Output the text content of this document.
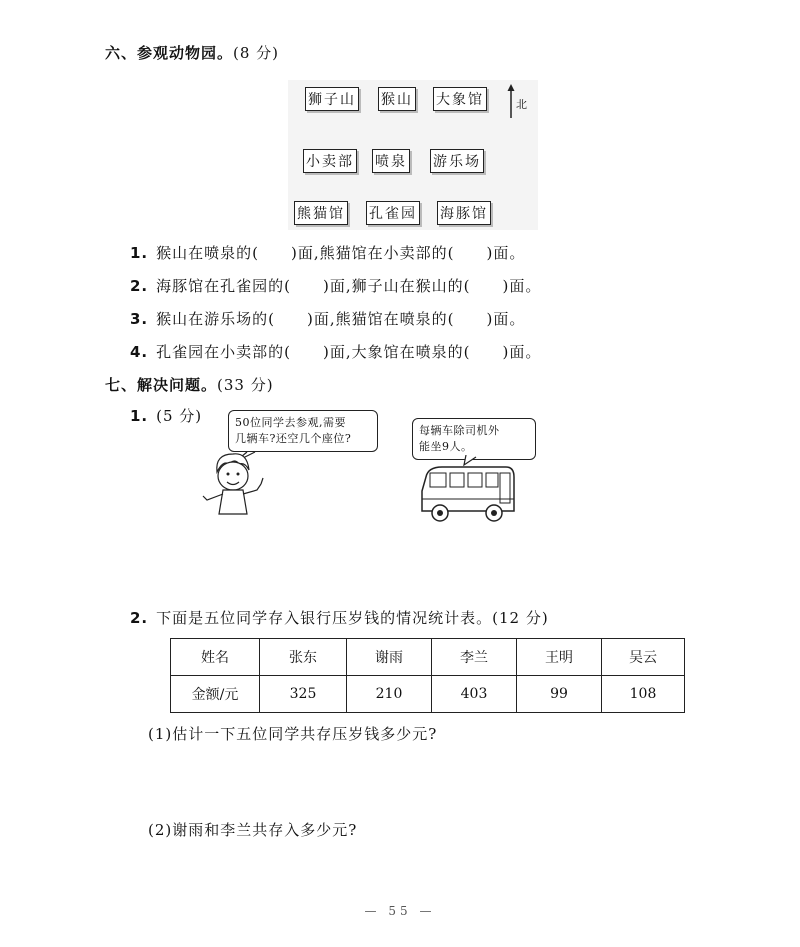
六、参观动物园。(8 分)
狮子山 猴山 大象馆	北
小卖部 喷泉 游乐场
熊猫馆 孔雀园 海豚馆
1. 猴山在喷泉的( )面,熊猫馆在小卖部的( )面。
2. 海豚馆在孔雀园的( )面,狮子山在猴山的( )面。
3. 猴山在游乐场的( )面,熊猫馆在喷泉的( )面。
4. 孔雀园在小卖部的( )面,大象馆在喷泉的( )面。
七、解决问题。(33 分)
1. (5 分)	50位同学去参观,需要
几辆车?还空几个座位?
每辆车除司机外
能坐9人。
2. 下面是五位同学存入银行压岁钱的情况统计表。(12 分)
姓名	张东	谢雨	李兰	王明	吴云
金额/元	325	210	403	99	108
(1)估计一下五位同学共存压岁钱多少元?
(2)谢雨和李兰共存入多少元?
— 55 —
